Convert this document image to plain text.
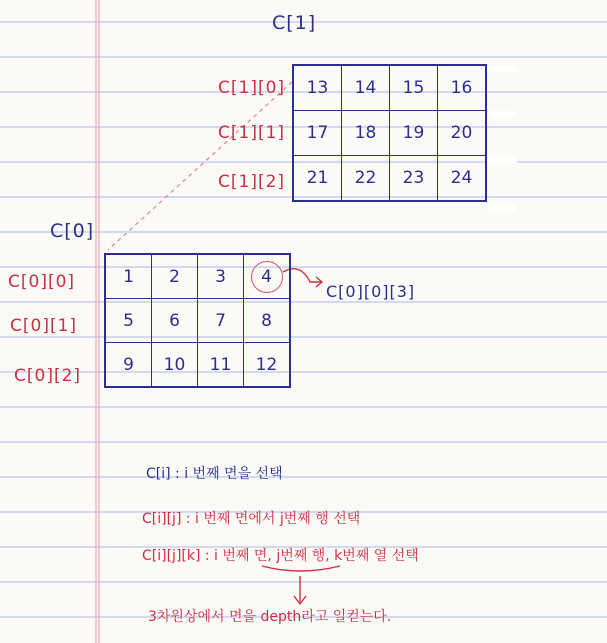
C[1]
C[0]
C[1][0]
C[1][1]
C[1][2]
13	14	15	16
17	18	19	20
21	22	23	24
C[0][0]
C[0][1]
C[0][2]
1	2	3	4
5	6	7	8
9	10	11	12
C[0][0][3]
C[i] : i 번째 면을 선택
C[i][j] : i 번째 면에서 j번째 행 선택
C[i][j][k] : i 번째 면, j번째 행, k번째 열 선택
3차원상에서 면을 depth라고 일컫는다.
